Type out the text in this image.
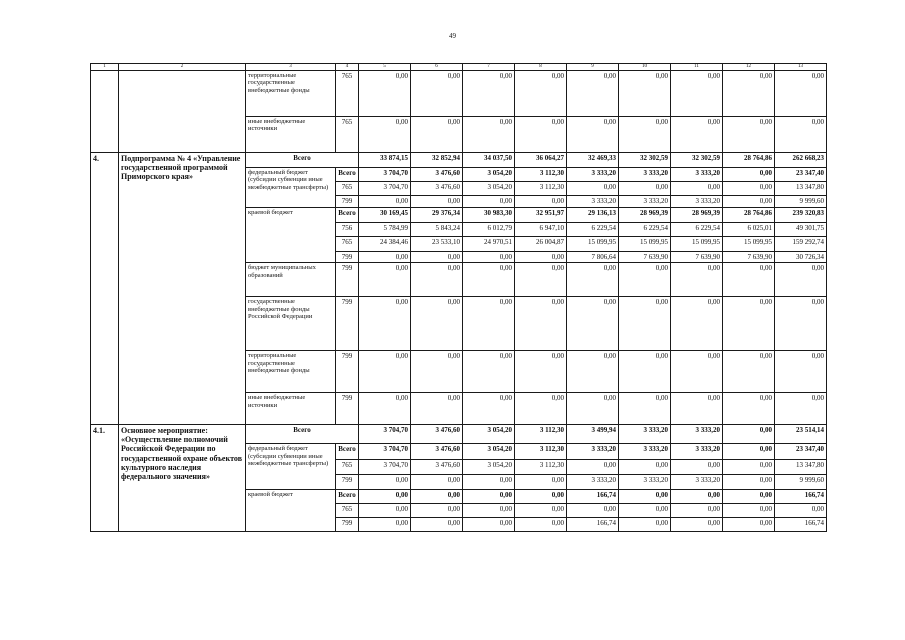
49
1	2	3	4	5	6	7	8	9	10	11	12	13
		территориальные государственные внебюджетные фонды	765	0,00	0,00	0,00	0,00	0,00	0,00	0,00	0,00	0,00
		иные внебюджетные источники	765	0,00	0,00	0,00	0,00	0,00	0,00	0,00	0,00	0,00
4.	Подпрограмма № 4 «Управление государственной программой Приморского края»	Всего		33 874,15	32 852,94	34 037,50	36 064,27	32 469,33	32 302,59	32 302,59	28 764,86	262 668,23
		федеральный бюджет (субсидии субвенции иные межбюджетные трансферты)	Всего	3 704,70	3 476,60	3 054,20	3 112,30	3 333,20	3 333,20	3 333,20	0,00	23 347,40
			765	3 704,70	3 476,60	3 054,20	3 112,30	0,00	0,00	0,00	0,00	13 347,80
			799	0,00	0,00	0,00	0,00	3 333,20	3 333,20	3 333,20	0,00	9 999,60
		краевой бюджет	Всего	30 169,45	29 376,34	30 983,30	32 951,97	29 136,13	28 969,39	28 969,39	28 764,86	239 320,83
			756	5 784,99	5 843,24	6 012,79	6 947,10	6 229,54	6 229,54	6 229,54	6 025,01	49 301,75
			765	24 384,46	23 533,10	24 970,51	26 004,87	15 099,95	15 099,95	15 099,95	15 099,95	159 292,74
			799	0,00	0,00	0,00	0,00	7 806,64	7 639,90	7 639,90	7 639,90	30 726,34
		бюджет муниципальных образований	799	0,00	0,00	0,00	0,00	0,00	0,00	0,00	0,00	0,00
		государственные внебюджетные фонды Российской Федерации	799	0,00	0,00	0,00	0,00	0,00	0,00	0,00	0,00	0,00
		территориальные государственные внебюджетные фонды	799	0,00	0,00	0,00	0,00	0,00	0,00	0,00	0,00	0,00
		иные внебюджетные источники	799	0,00	0,00	0,00	0,00	0,00	0,00	0,00	0,00	0,00
4.1.	Основное мероприятие: «Осуществление полномочий Российской Федерации по государственной охране объектов культурного наследия федерального значения»	Всего		3 704,70	3 476,60	3 054,20	3 112,30	3 499,94	3 333,20	3 333,20	0,00	23 514,14
		федеральный бюджет (субсидии субвенции иные межбюджетные трансферты)	Всего	3 704,70	3 476,60	3 054,20	3 112,30	3 333,20	3 333,20	3 333,20	0,00	23 347,40
			765	3 704,70	3 476,60	3 054,20	3 112,30	0,00	0,00	0,00	0,00	13 347,80
			799	0,00	0,00	0,00	0,00	3 333,20	3 333,20	3 333,20	0,00	9 999,60
		краевой бюджет	Всего	0,00	0,00	0,00	0,00	166,74	0,00	0,00	0,00	166,74
			765	0,00	0,00	0,00	0,00	0,00	0,00	0,00	0,00	0,00
			799	0,00	0,00	0,00	0,00	166,74	0,00	0,00	0,00	166,74
